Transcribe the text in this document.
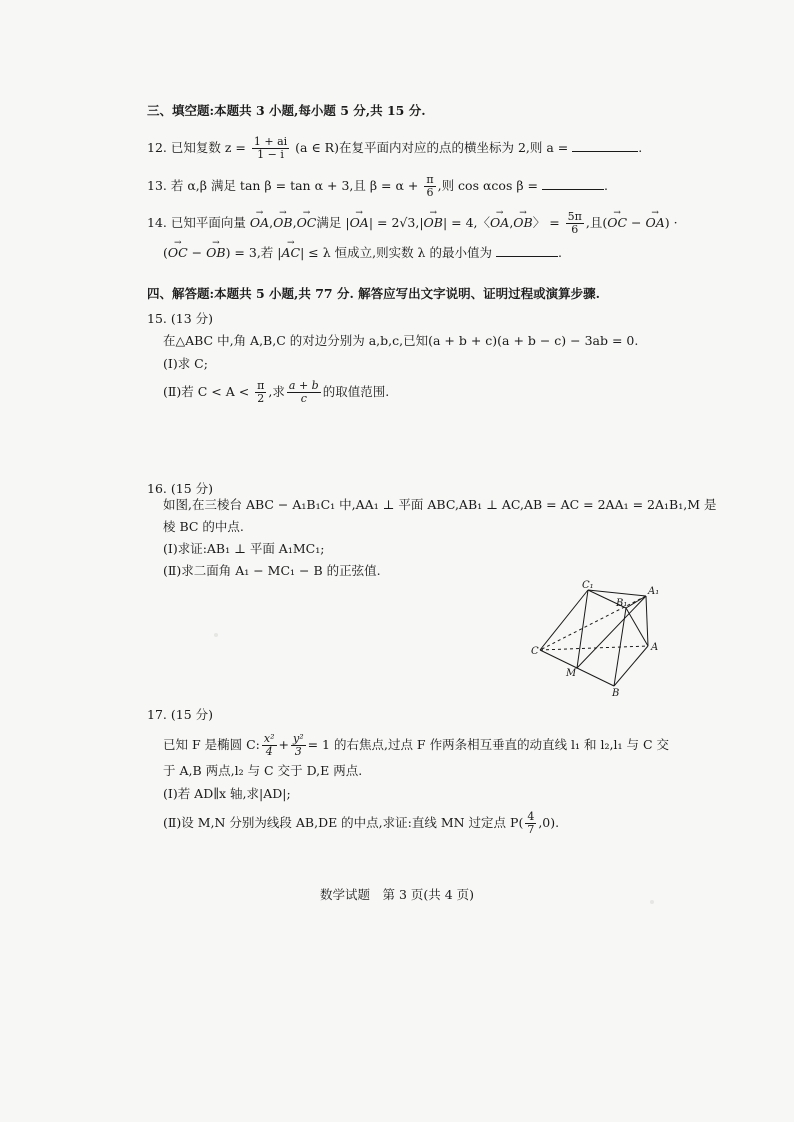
三、填空题:本题共 3 小题,每小题 5 分,共 15 分.
12. 已知复数 $z = \frac{1 + ai}{1 - i} (a$ ∈ R)在复平面内对应的点的横坐标为 2,则 a =	.
13. 若 α,β 满足 tan β = tan α + 3,且 $\beta = \alpha + \frac{\pi}{6}$ ,则 cos αcos β =	.
14. 已知平面向量 → OA,→ OB,→ OC满足 |→ OA| = 2√3,|→ OB| = 4,〈→ OA,→ OB〉 = $\frac{5\pi}{6}$ ,且(→ OC − → OA) ·
(→ OC − → OB) = 3,若 |→ AC| ≤ λ 恒成立,则实数 λ 的最小值为	.
四、解答题:本题共 5 小题,共 77 分. 解答应写出文字说明、证明过程或演算步骤.
15. (13 分)
在△ABC 中,角 A,B,C 的对边分别为 a,b,c,已知(a + b + c)(a + b − c) − 3ab = 0.
(Ⅰ)求 C;
(Ⅱ)若 $C < A < \frac{\pi}{2}$ ,求 $\frac{a + b}{c}$ 的取值范围.
16. (15 分)
如图,在三棱台 ABC − A₁B₁C₁ 中,AA₁ ⊥ 平面 ABC,AB₁ ⊥ AC,AB = AC = 2AA₁ = 2A₁B₁,M 是
棱 BC 的中点.
(Ⅰ)求证:AB₁ ⊥ 平面 A₁MC₁;
(Ⅱ)求二面角 A₁ − MC₁ − B 的正弦值.
C₁
A₁
B₁
C	A
M
B
17. (15 分)
已知 F 是椭圆 C: $\frac{\text{x²}}{4} + \frac{\text{y²}}{3} = 1$ 的右焦点,过点 F 作两条相互垂直的动直线 l₁ 和 l₂,l₁ 与 C 交
于 A,B 两点,l₂ 与 C 交于 D,E 两点.
(Ⅰ)若 AD∥x 轴,求|AD|;
(Ⅱ)设 M,N 分别为线段 AB,DE 的中点,求证:直线 MN 过定点 $P( \frac{4}{7} ,0)$.
数学试题　第 3 页(共 4 页)
